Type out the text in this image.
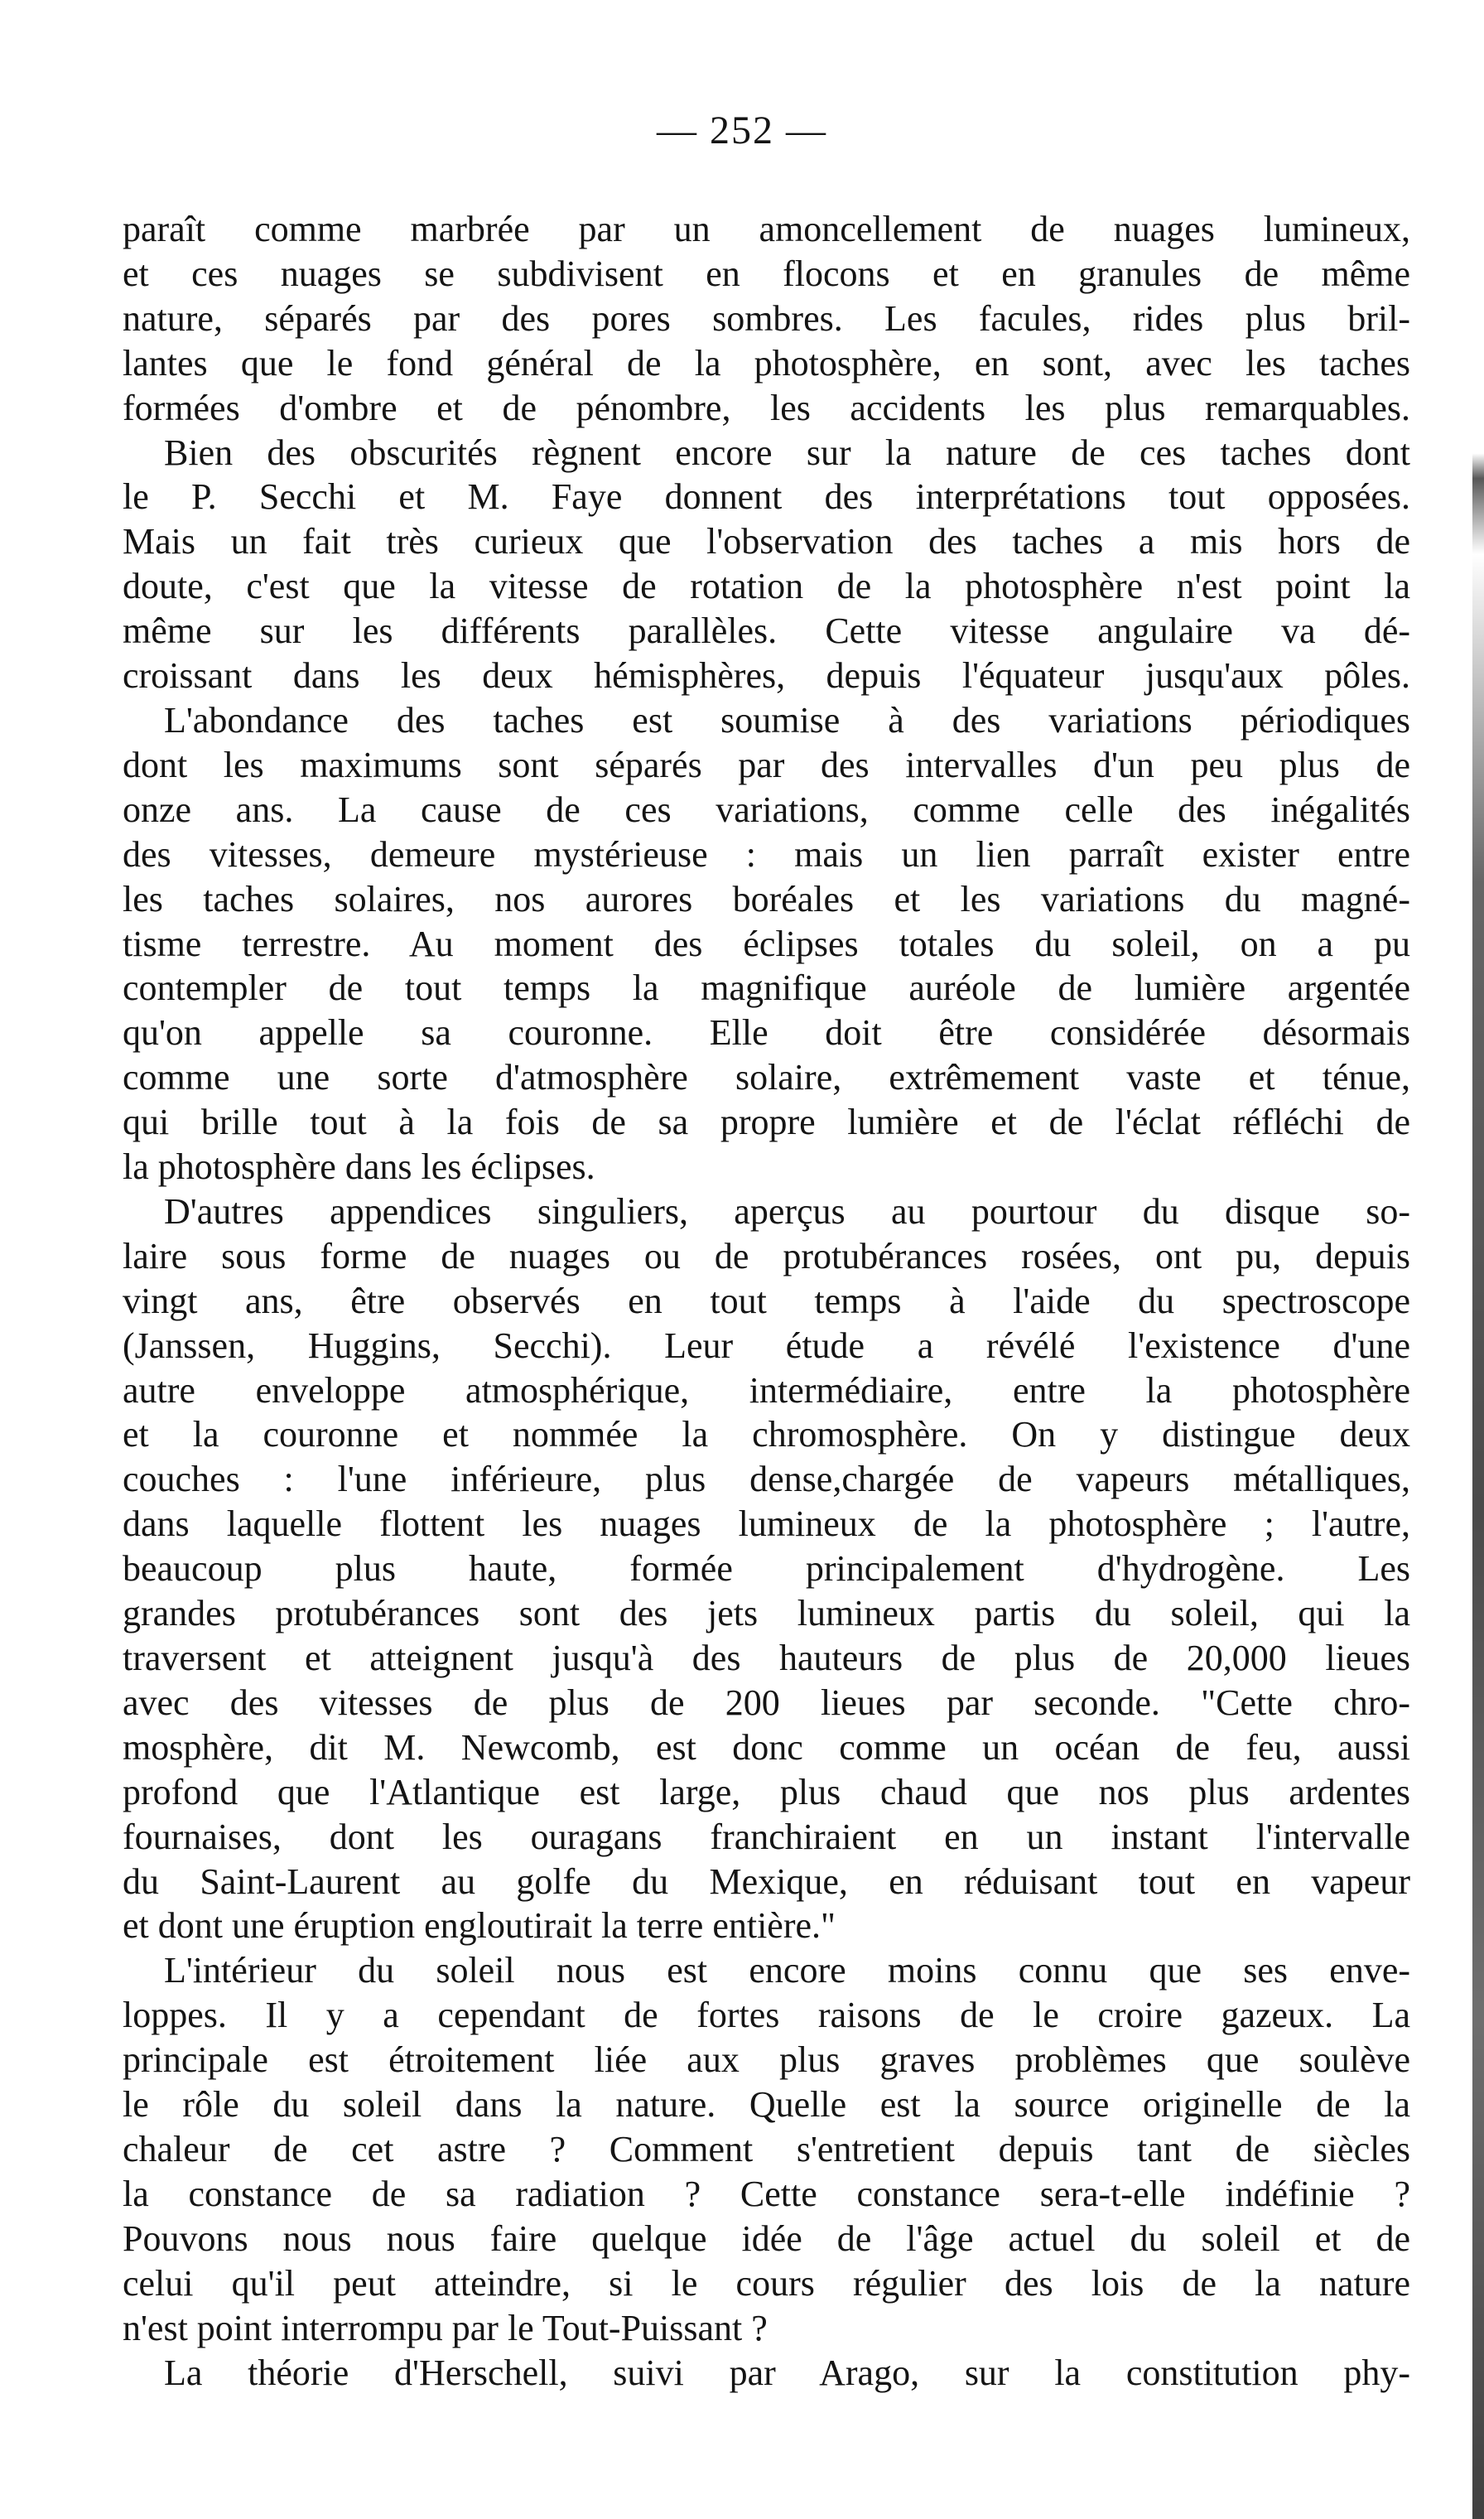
— 252 —
paraît comme marbrée par un amoncellement de nuages lumineux,
et ces nuages se subdivisent en flocons et en granules de même
nature, séparés par des pores sombres. Les facules, rides plus bril-
lantes que le fond général de la photosphère, en sont, avec les taches
formées d'ombre et de pénombre, les accidents les plus remarquables.
Bien des obscurités règnent encore sur la nature de ces taches dont
le P. Secchi et M. Faye donnent des interprétations tout opposées.
Mais un fait très curieux que l'observation des taches a mis hors de
doute, c'est que la vitesse de rotation de la photosphère n'est point la
même sur les différents parallèles. Cette vitesse angulaire va dé-
croissant dans les deux hémisphères, depuis l'équateur jusqu'aux pôles.
L'abondance des taches est soumise à des variations périodiques
dont les maximums sont séparés par des intervalles d'un peu plus de
onze ans. La cause de ces variations, comme celle des inégalités
des vitesses, demeure mystérieuse : mais un lien parraît exister entre
les taches solaires, nos aurores boréales et les variations du magné-
tisme terrestre. Au moment des éclipses totales du soleil, on a pu
contempler de tout temps la magnifique auréole de lumière argentée
qu'on appelle sa couronne. Elle doit être considérée désormais
comme une sorte d'atmosphère solaire, extrêmement vaste et ténue,
qui brille tout à la fois de sa propre lumière et de l'éclat réfléchi de
la photosphère dans les éclipses.
D'autres appendices singuliers, aperçus au pourtour du disque so-
laire sous forme de nuages ou de protubérances rosées, ont pu, depuis
vingt ans, être observés en tout temps à l'aide du spectroscope
(Janssen, Huggins, Secchi). Leur étude a révélé l'existence d'une
autre enveloppe atmosphérique, intermédiaire, entre la photosphère
et la couronne et nommée la chromosphère. On y distingue deux
couches : l'une inférieure, plus dense,chargée de vapeurs métalliques,
dans laquelle flottent les nuages lumineux de la photosphère ; l'autre,
beaucoup plus haute, formée principalement d'hydrogène. Les
grandes protubérances sont des jets lumineux partis du soleil, qui la
traversent et atteignent jusqu'à des hauteurs de plus de 20,000 lieues
avec des vitesses de plus de 200 lieues par seconde. "Cette chro-
mosphère, dit M. Newcomb, est donc comme un océan de feu, aussi
profond que l'Atlantique est large, plus chaud que nos plus ardentes
fournaises, dont les ouragans franchiraient en un instant l'intervalle
du Saint-Laurent au golfe du Mexique, en réduisant tout en vapeur
et dont une éruption engloutirait la terre entière."
L'intérieur du soleil nous est encore moins connu que ses enve-
loppes. Il y a cependant de fortes raisons de le croire gazeux. La
principale est étroitement liée aux plus graves problèmes que soulève
le rôle du soleil dans la nature. Quelle est la source originelle de la
chaleur de cet astre ? Comment s'entretient depuis tant de siècles
la constance de sa radiation ? Cette constance sera-t-elle indéfinie ?
Pouvons nous nous faire quelque idée de l'âge actuel du soleil et de
celui qu'il peut atteindre, si le cours régulier des lois de la nature
n'est point interrompu par le Tout-Puissant ?
La théorie d'Herschell, suivi par Arago, sur la constitution phy-
